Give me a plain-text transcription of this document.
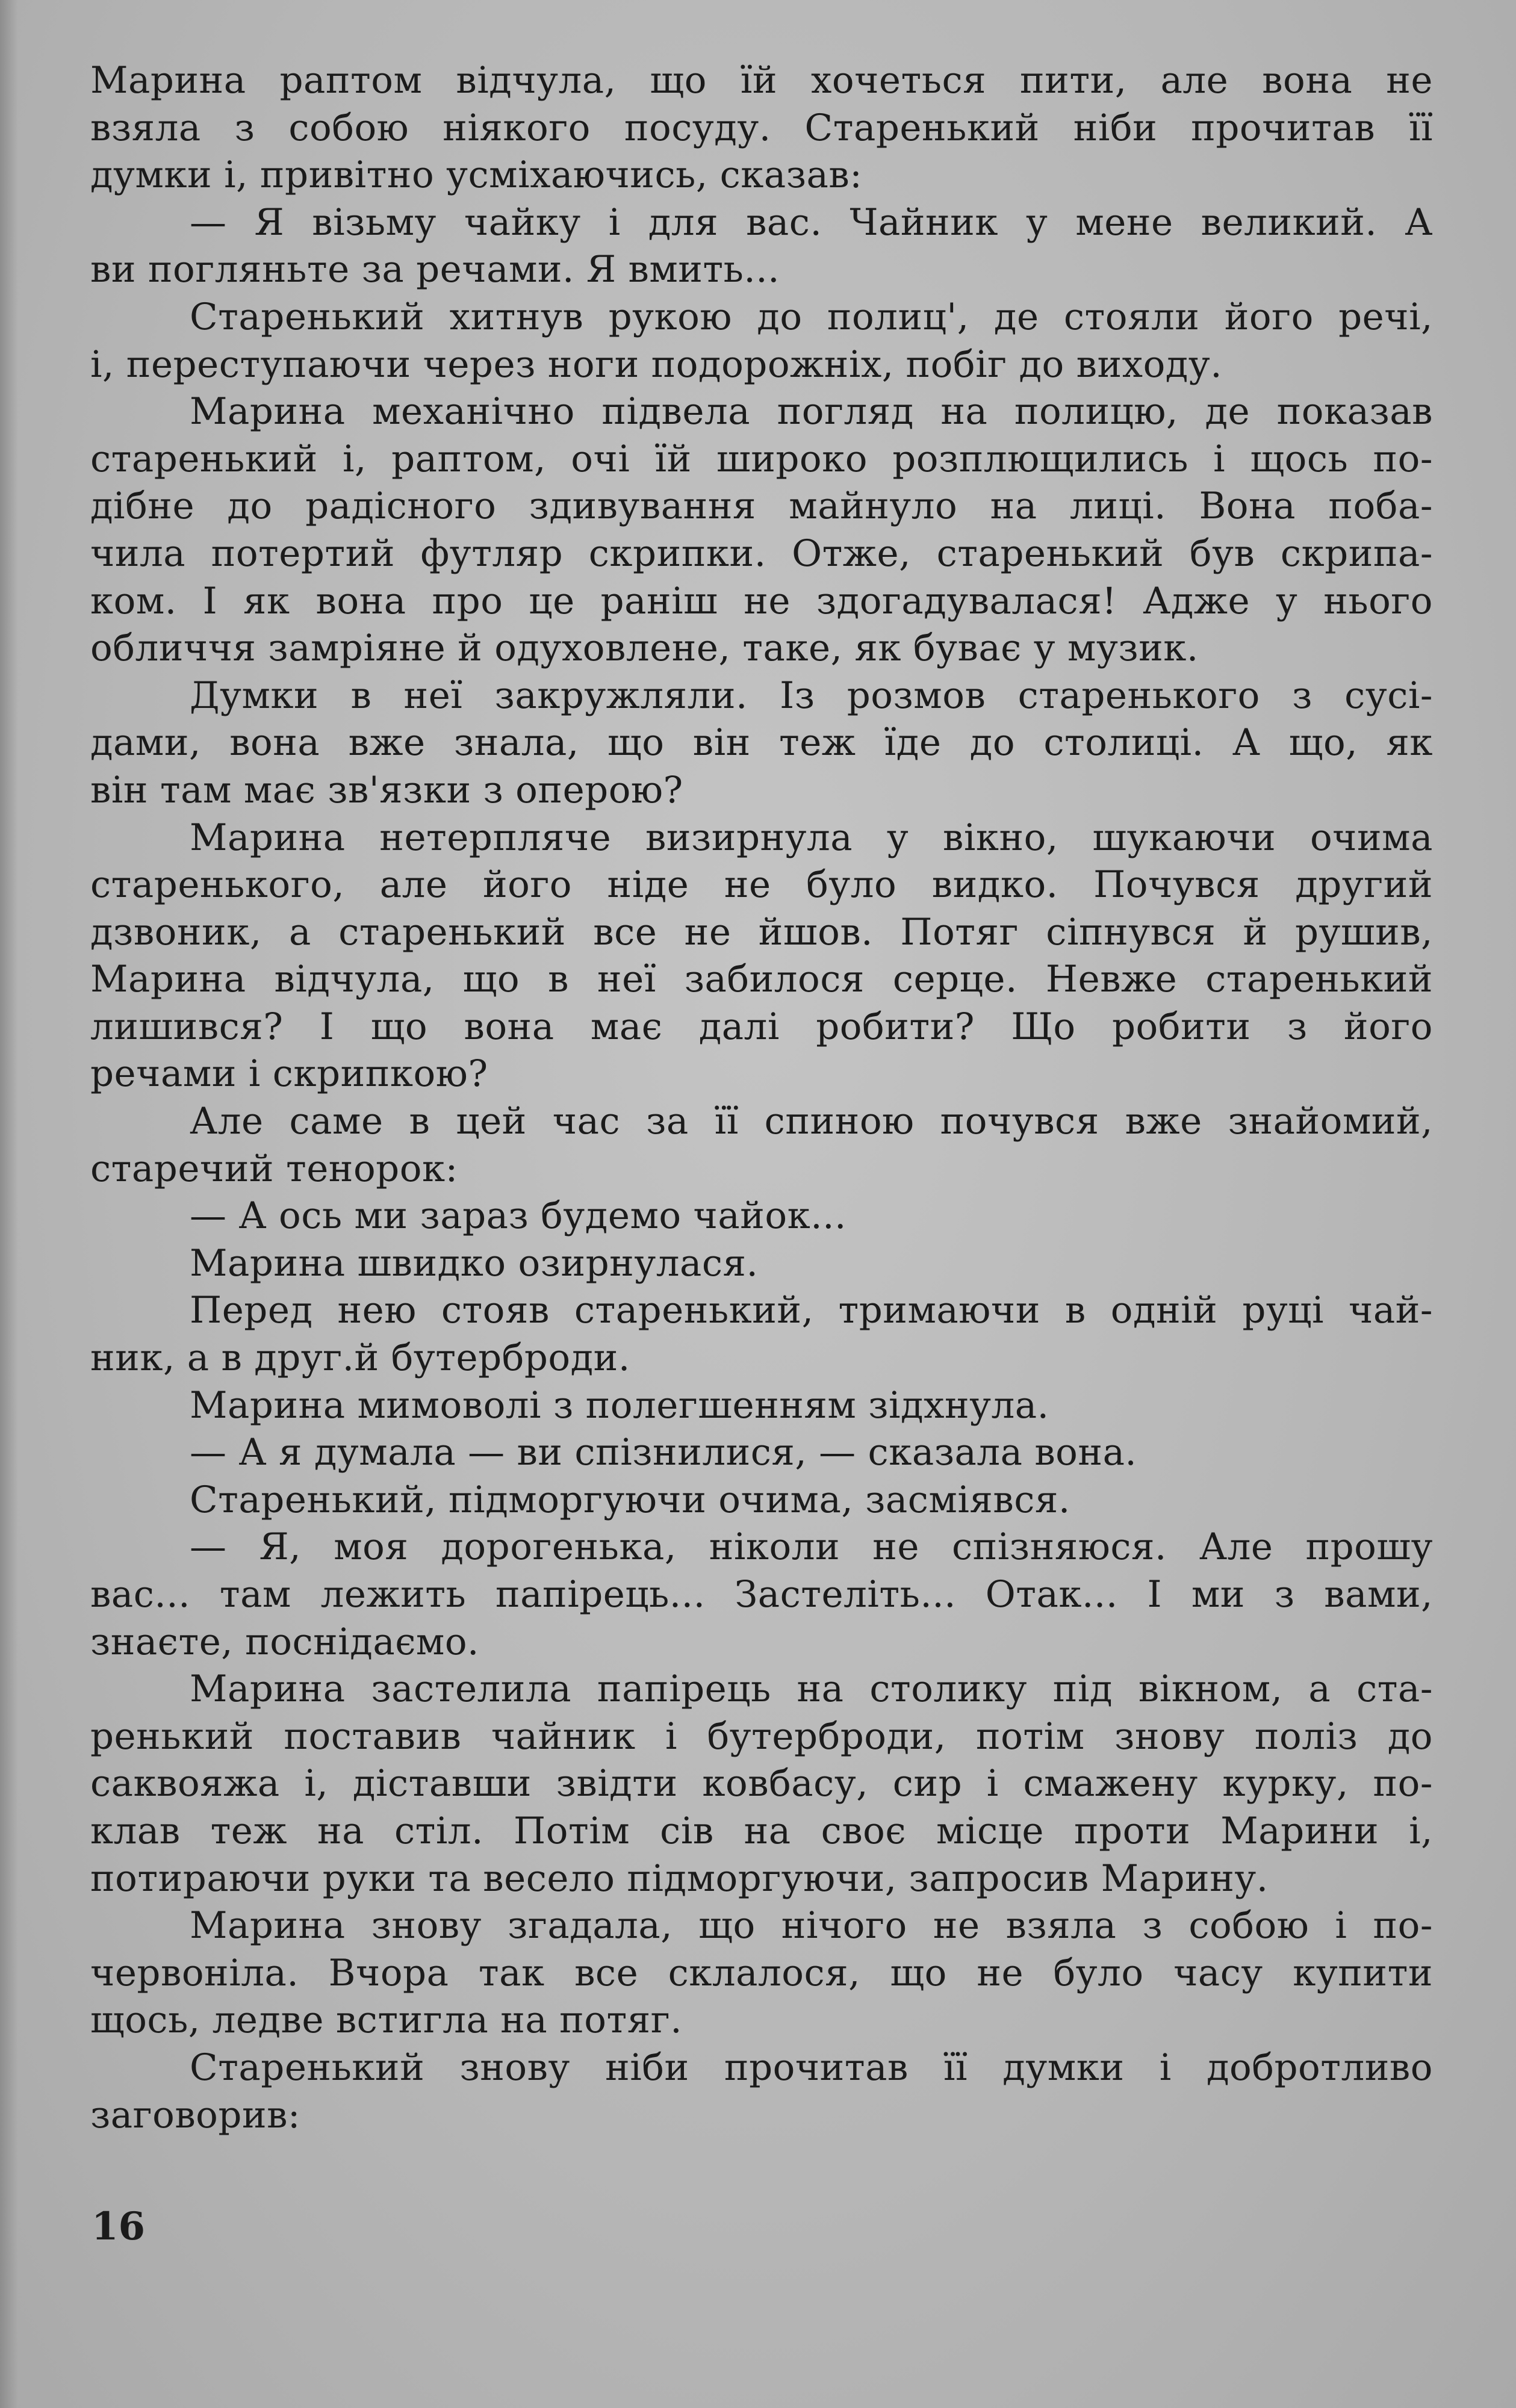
Марина раптом відчула, що їй хочеться пити, але вона не
взяла з собою ніякого посуду. Старенький ніби прочитав її
думки і, привітно усміхаючись, сказав:
— Я візьму чайку і для вас. Чайник у мене великий. А
ви погляньте за речами. Я вмить...
Старенький хитнув рукою до полиц', де стояли його речі,
і, переступаючи через ноги подорожніх, побіг до виходу.
Марина механічно підвела погляд на полицю, де показав
старенький і, раптом, очі їй широко розплющились і щось по-
дібне до радісного здивування майнуло на лиці. Вона поба-
чила потертий футляр скрипки. Отже, старенький був скрипа-
ком. І як вона про це раніш не здогадувалася! Адже у нього
обличчя замріяне й одуховлене, таке, як буває у музик.
Думки в неї закружляли. Із розмов старенького з сусі-
дами, вона вже знала, що він теж їде до столиці. А що, як
він там має зв'язки з оперою?
Марина нетерпляче визирнула у вікно, шукаючи очима
старенького, але його ніде не було видко. Почувся другий
дзвоник, а старенький все не йшов. Потяг сіпнувся й рушив,
Марина відчула, що в неї забилося серце. Невже старенький
лишився? І що вона має далі робити? Що робити з його
речами і скрипкою?
Але саме в цей час за її спиною почувся вже знайомий,
старечий тенорок:
— А ось ми зараз будемо чайок...
Марина швидко озирнулася.
Перед нею стояв старенький, тримаючи в одній руці чай-
ник, а в друг.й бутерброди.
Марина мимоволі з полегшенням зідхнула.
— А я думала — ви спізнилися, — сказала вона.
Старенький, підморгуючи очима, засміявся.
— Я, моя дорогенька, ніколи не спізняюся. Але прошу
вас... там лежить папірець... Застеліть... Отак... І ми з вами,
знаєте, поснідаємо.
Марина застелила папірець на столику під вікном, а ста-
ренький поставив чайник і бутерброди, потім знову поліз до
саквояжа і, діставши звідти ковбасу, сир і смажену курку, по-
клав теж на стіл. Потім сів на своє місце проти Марини і,
потираючи руки та весело підморгуючи, запросив Марину.
Марина знову згадала, що нічого не взяла з собою і по-
червоніла. Вчора так все склалося, що не було часу купити
щось, ледве встигла на потяг.
Старенький знову ніби прочитав її думки і добротливо
заговорив:
16
